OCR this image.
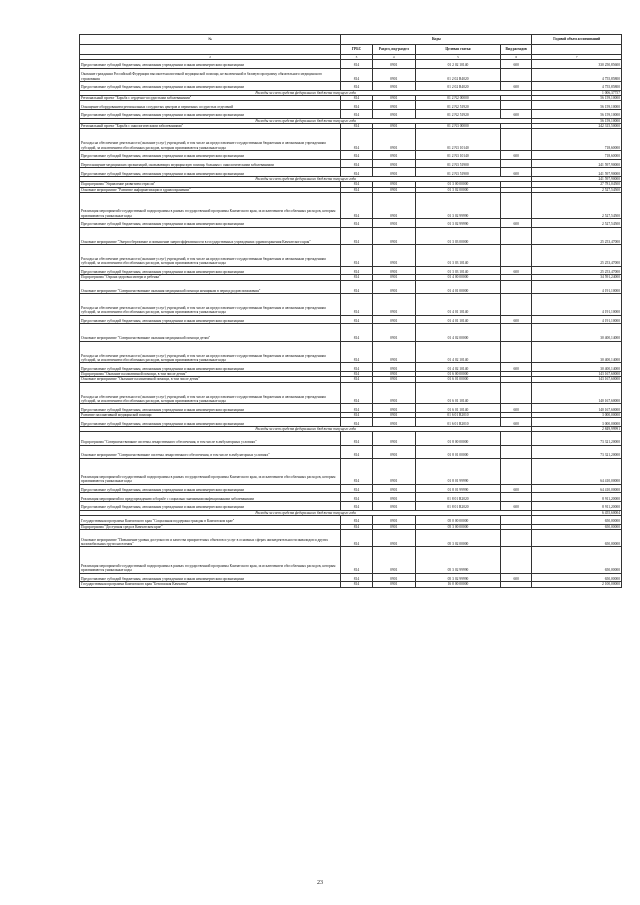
№	Коды				Годовой объем ассигнований
	ГРБС	Раздел, под-раздел	Целевая статья	Вид расходов	
2	3	4	5	6	7
Предоставление субсидий бюджетным, автономным учреждениям и иным некоммерческим организациям	814	0901	01 2 02 10140	600	330 250,85600
Оказание гражданам Российской Федерации высокотехнологичной медицинской помощи, не включенной в базовую программу обязательного медицинского страхования	814	0901	01 2 02 R4020		4 755,85800
Предоставление субсидий бюджетным, автономным учреждениям и иным некоммерческим организациям	814	0901	01 2 02 R4020	600	4 755,85800
Расходы за счет средств федерального бюджета текущего года					1 006,37757
Региональный проект "Борьба с сердечно-сосудистыми заболеваниями"	814	0901	01 2 N2 00000		56 159,10000
Оснащение оборудованием региональных сосудистых центров и первичных сосудистых отделений	814	0901	01 2 N2 51920		56 159,10000
Предоставление субсидий бюджетным, автономным учреждениям и иным некоммерческим организациям	814	0901	01 2 N2 51920	600	56 159,10000
Расходы за счет средств федерального бюджета текущего года					56 159,10000
Региональный проект "Борьба с онкологическими заболеваниями"	814	0901	01 2 N3 00000		242 315,50000
Расходы на обеспечение деятельности (оказание услуг) учреждений, в том числе на предоставление государственным бюджетным и автономным учреждениям субсидий, за исключением обособленных расходов, которым присваиваются уникальные коды	814	0901	01 2 N3 10140		718,60000
Предоставление субсидий бюджетным, автономным учреждениям и иным некоммерческим организациям	814	0901	01 2 N3 10140	600	718,60000
Переоснащение медицинских организаций, оказывающих медицинскую помощь больным с онкологическими заболеваниями	814	0901	01 2 N3 51900		241 597,90000
Предоставление субсидий бюджетным, автономным учреждениям и иным некоммерческим организациям	814	0901	01 2 N3 51900	600	241 597,90000
Расходы за счет средств федерального бюджета текущего года					241 597,90000
Подпрограмма "Управление развитием отрасли"	814	0901	01 3 00 00000		27 781,04500
Основное мероприятие "Развитие информатизации в здравоохранении"	814	0901	01 3 02 00000		2 527,54500
Реализация мероприятий государственной подпрограммы в рамках государственной программы Камчатского края, за исключением обособленных расходов, которым присваиваются уникальные коды	814	0901	01 3 02 99990		2 527,54500
Предоставление субсидий бюджетным, автономным учреждениям и иным некоммерческим организациям	814	0901	01 3 02 99990	600	2 527,54500
Основное мероприятие "Энергосбережение и повышение энергоэффективности в государственных учреждениях здравоохранения Камчатского края"	814	0901	01 3 03 00000		25 253,47000
Расходы на обеспечение деятельности (оказание услуг) учреждений, в том числе на предоставление государственным бюджетным и автономным учреждениям субсидий, за исключением обособленных расходов, которым присваиваются уникальные коды	814	0901	01 3 03 10140		25 253,47000
Предоставление субсидий бюджетным, автономным учреждениям и иным некоммерческим организациям	814	0901	01 3 03 10140	600	25 253,47000
Подпрограмма "Охрана здоровья матери и ребенка"	814	0901	01 4 00 00000		34 591,24000
Основное мероприятие "Совершенствование оказания медицинской помощи женщинам в период родовспоможения"	814	0901	01 4 01 00000		4 191,10000
Расходы на обеспечение деятельности (оказание услуг) учреждений, в том числе на предоставление государственным бюджетным и автономным учреждениям субсидий, за исключением обособленных расходов, которым присваиваются уникальные коды	814	0901	01 4 01 10140		4 191,10000
Предоставление субсидий бюджетным, автономным учреждениям и иным некоммерческим организациям	814	0901	01 4 01 10140	600	4 191,10000
Основное мероприятие "Совершенствование оказания медицинской помощи детям"	814	0901	01 4 02 00000		30 400,14000
Расходы на обеспечение деятельности (оказание услуг) учреждений, в том числе на предоставление государственным бюджетным и автономным учреждениям субсидий, за исключением обособленных расходов, которым присваиваются уникальные коды	814	0901	01 4 02 10140		30 400,14000
Предоставление субсидий бюджетным, автономным учреждениям и иным некоммерческим организациям	814	0901	01 4 02 10140	600	30 400,14000
Подпрограмма "Оказание паллиативной помощи, в том числе детям"	814	0901	01 6 00 00000		143 167,60000
Основное мероприятие "Оказание паллиативной помощи, в том числе детям"	814	0901	01 6 01 00000		143 167,60000
Расходы на обеспечение деятельности (оказание услуг) учреждений, в том числе на предоставление государственным бюджетным и автономным учреждениям субсидий, за исключением обособленных расходов, которым присваиваются уникальные коды	814	0901	01 6 01 10140		140 167,60000
Предоставление субсидий бюджетным, автономным учреждениям и иным некоммерческим организациям	814	0901	01 6 01 10140	600	140 167,60000
Развитие паллиативной медицинской помощи	814	0901	01 6 01 R2010		3 000,00000
Предоставление субсидий бюджетным, автономным учреждениям и иным некоммерческим организациям	814	0901	01 6 01 R2010	600	3 000,00000
Расходы за счет средств федерального бюджета текущего года					2 849,99991
Подпрограмма "Совершенствование системы лекарственного обеспечения, в том числе в амбулаторных условиях"	814	0901	01 8 00 00000		73 321,20000
Основное мероприятие "Совершенствование системы лекарственного обеспечения, в том числе в амбулаторных условиях"	814	0901	01 8 01 00000		73 321,20000
Реализация мероприятий государственной подпрограммы в рамках государственной программы Камчатского края, за исключением обособленных расходов, которым присваиваются уникальные коды	814	0901	01 8 01 99990		64 410,00000
Предоставление субсидий бюджетным, автономным учреждениям и иным некоммерческим организациям	814	0901	01 8 01 99990	600	64 410,00000
Реализация мероприятий по предупреждению и борьбе с социально значимыми инфекционными заболеваниями	814	0901	01 8 01 R2020		8 911,20000
Предоставление субсидий бюджетным, автономным учреждениям и иным некоммерческим организациям	814	0901	01 8 01 R2020	600	8 911,20000
Расходы за счет средств федерального бюджета текущего года					6 455,60004
Государственная программа Камчатского края "Социальная поддержка граждан в Камчатском крае"	814	0901	05 0 00 00000		650,00000
Подпрограмма "Доступная среда в Камчатском крае"	814	0901	05 3 00 00000		650,00000
Основное мероприятие "Повышение уровня доступности и качества приоритетных объектов и услуг в основных сферах жизнедеятельности инвалидов и других маломобильных групп населения"	814	0901	05 3 02 00000		650,00000
Реализация мероприятий государственной подпрограммы в рамках государственной программы Камчатского края, за исключением обособленных расходов, которым присваиваются уникальные коды	814	0901	05 3 02 99990		650,00000
Предоставление субсидий бюджетным, автономным учреждениям и иным некоммерческим организациям	814	0901	05 3 02 99990	600	650,00000
Государственная программа Камчатского края "Безопасная Камчатка"	814	0901	16 0 00 00000		2 100,00000
23
